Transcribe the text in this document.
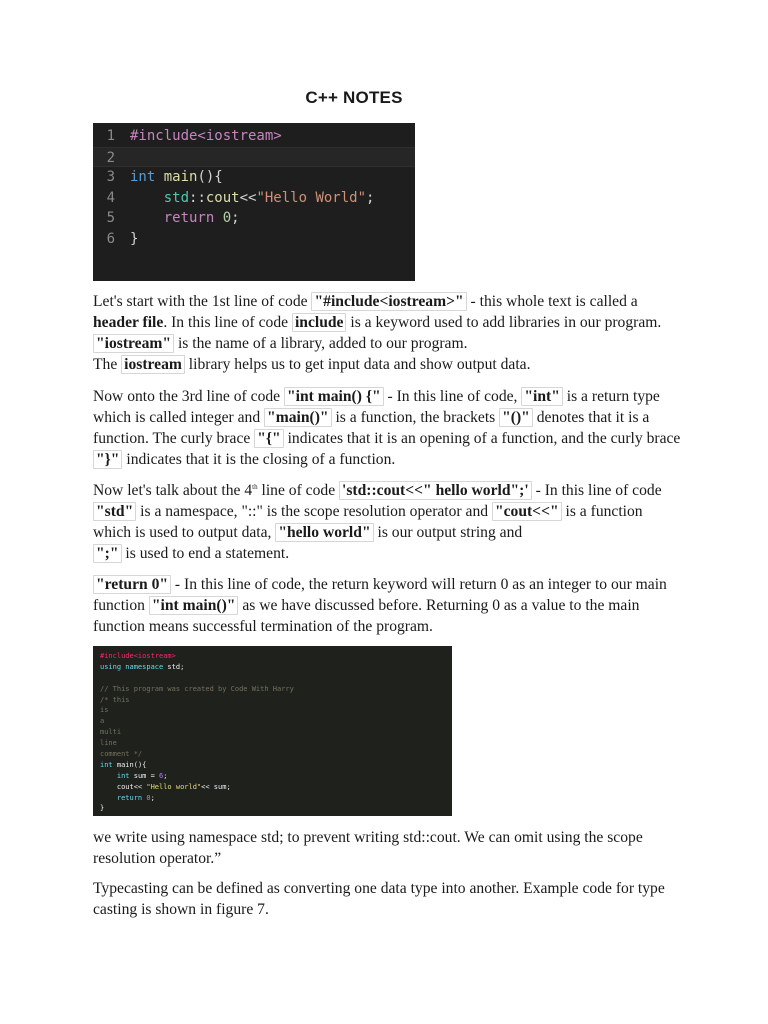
C++ NOTES
1 #include<iostream>
2
3 int main(){
4	std::cout<<"Hello World";
5	return 0;
6 }

Let's start with the 1st line of code "#include<iostream>" - this whole text is called a header file. In this line of code include is a keyword used to add libraries in our program. "iostream" is the name of a library, added to our program.
The iostream library helps us to get input data and show output data.

Now onto the 3rd line of code "int main() {" - In this line of code, "int" is a return type which is called integer and "main()" is a function, the brackets "()" denotes that it is a function. The curly brace "{" indicates that it is an opening of a function, and the curly brace "}" indicates that it is the closing of a function.

Now let's talk about the 4th line of code 'std::cout<<" hello world";' - In this line of code "std" is a namespace, "::" is the scope resolution operator and "cout<<" is a function which is used to output data, "hello world" is our output string and
";" is used to end a statement.

"return 0" - In this line of code, the return keyword will return 0 as an integer to our main function "int main()" as we have discussed before. Returning 0 as a value to the main function means successful termination of the program.

#include<iostream>
using namespace std;

// This program was created by Code With Harry
/* this
is
a
multi
line
comment */
int main(){
int sum = 6;
cout<< "Hello world"<< sum;
return 0;
}

we write using namespace std; to prevent writing std::cout. We can omit using the scope resolution operator.”

Typecasting can be defined as converting one data type into another. Example code for type casting is shown in figure 7.
